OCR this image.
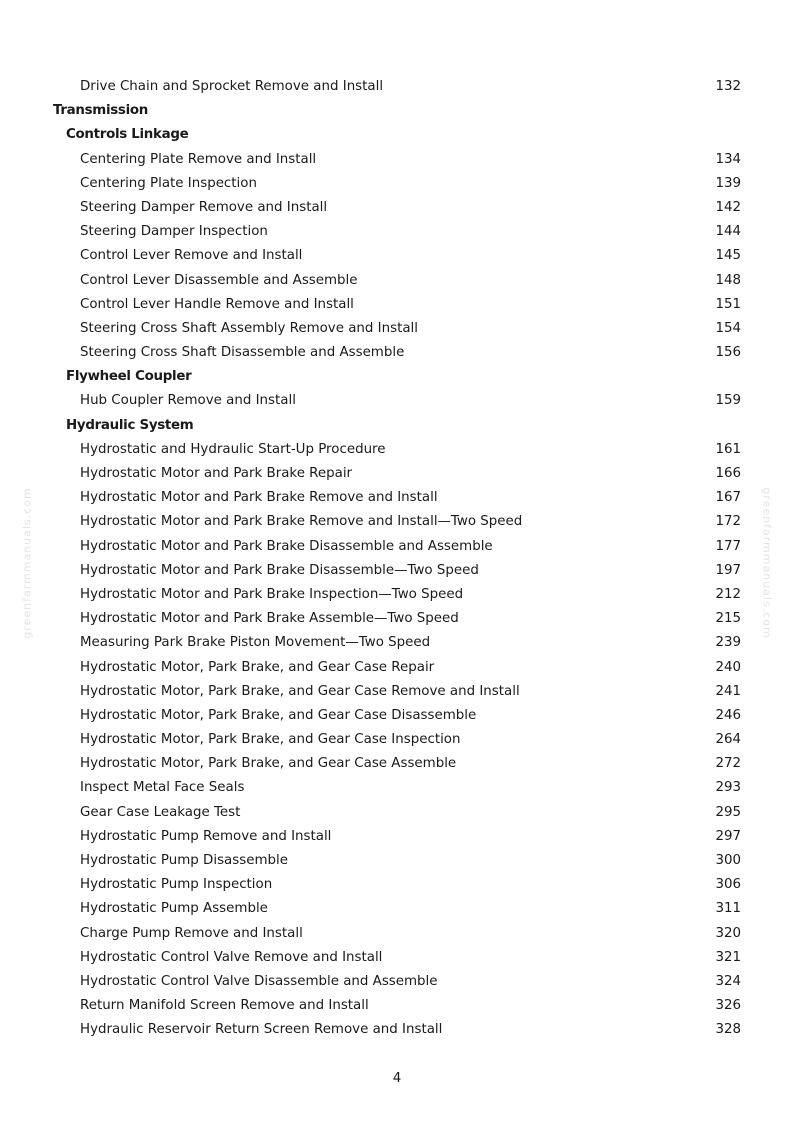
greenfarmmanuals.com	greenfarmmanuals.com
Drive Chain and Sprocket Remove and Install	132
Transmission
Controls Linkage
Centering Plate Remove and Install	134
Centering Plate Inspection	139
Steering Damper Remove and Install	142
Steering Damper Inspection	144
Control Lever Remove and Install	145
Control Lever Disassemble and Assemble	148
Control Lever Handle Remove and Install	151
Steering Cross Shaft Assembly Remove and Install	154
Steering Cross Shaft Disassemble and Assemble	156
Flywheel Coupler
Hub Coupler Remove and Install	159
Hydraulic System
Hydrostatic and Hydraulic Start-Up Procedure	161
Hydrostatic Motor and Park Brake Repair	166
Hydrostatic Motor and Park Brake Remove and Install	167
Hydrostatic Motor and Park Brake Remove and Install—Two Speed	172
Hydrostatic Motor and Park Brake Disassemble and Assemble	177
Hydrostatic Motor and Park Brake Disassemble—Two Speed	197
Hydrostatic Motor and Park Brake Inspection—Two Speed	212
Hydrostatic Motor and Park Brake Assemble—Two Speed	215
Measuring Park Brake Piston Movement—Two Speed	239
Hydrostatic Motor, Park Brake, and Gear Case Repair	240
Hydrostatic Motor, Park Brake, and Gear Case Remove and Install	241
Hydrostatic Motor, Park Brake, and Gear Case Disassemble	246
Hydrostatic Motor, Park Brake, and Gear Case Inspection	264
Hydrostatic Motor, Park Brake, and Gear Case Assemble	272
Inspect Metal Face Seals	293
Gear Case Leakage Test	295
Hydrostatic Pump Remove and Install	297
Hydrostatic Pump Disassemble	300
Hydrostatic Pump Inspection	306
Hydrostatic Pump Assemble	311
Charge Pump Remove and Install	320
Hydrostatic Control Valve Remove and Install	321
Hydrostatic Control Valve Disassemble and Assemble	324
Return Manifold Screen Remove and Install	326
Hydraulic Reservoir Return Screen Remove and Install	328
4
